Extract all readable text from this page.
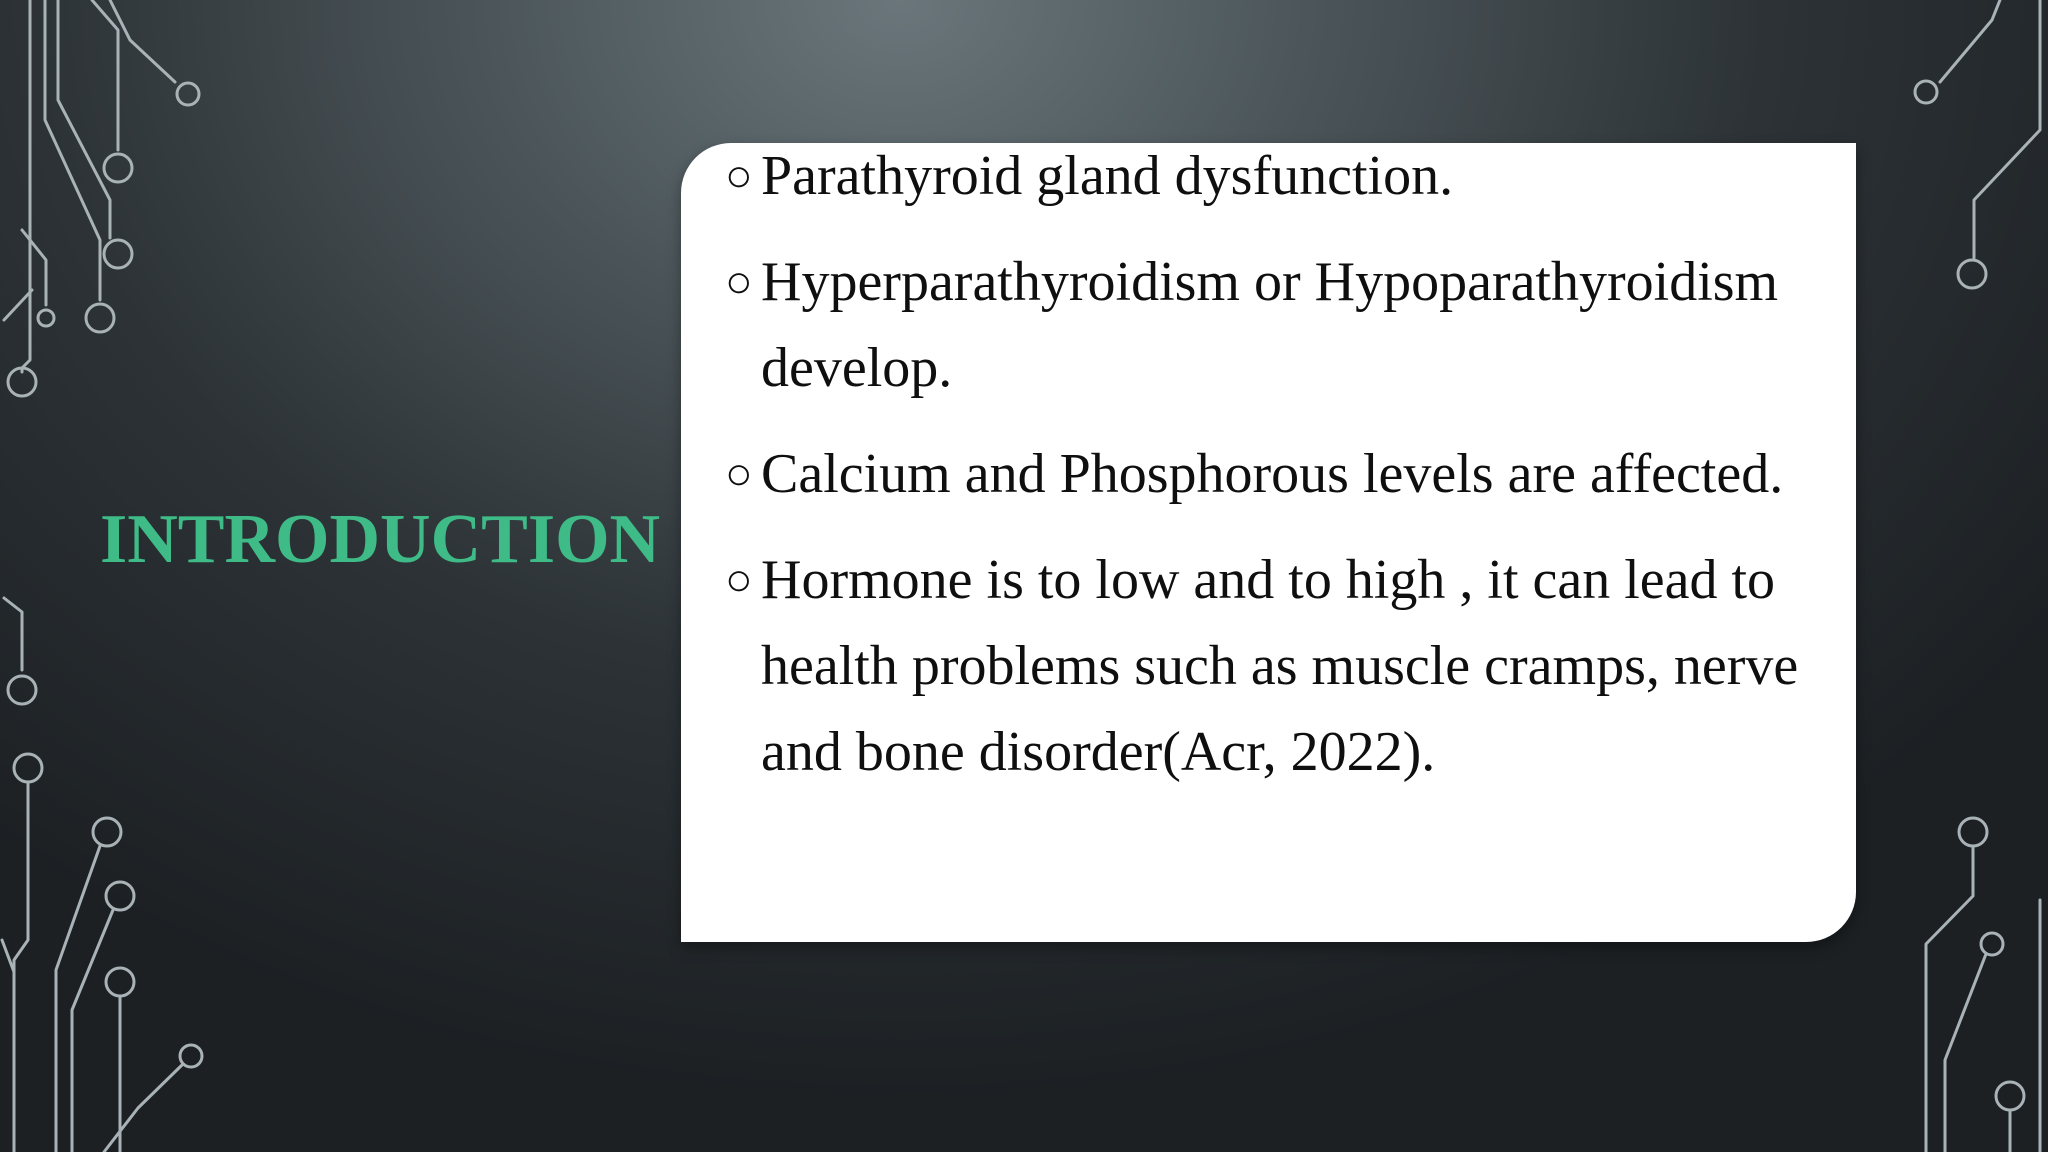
INTRODUCTION
○ Parathyroid gland dysfunction.
○ Hyperparathyroidism or Hypoparathyroidism develop.
○ Calcium and Phosphorous levels are affected.
○ Hormone is to low and to high , it can lead to health problems such as muscle cramps, nerve and bone disorder(Acr, 2022).
